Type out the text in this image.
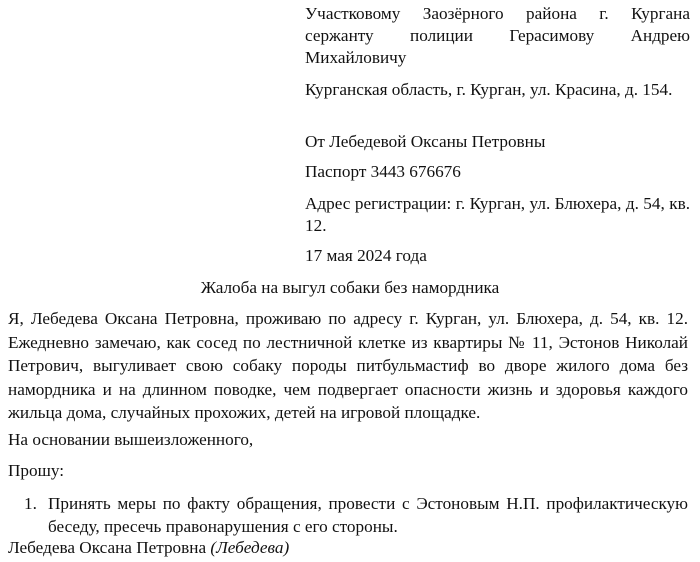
Участковому Заозёрного района г. Кургана сержанту полиции Герасимову Андрею Михайловичу
Курганская область, г. Курган, ул. Красина, д. 154.
От Лебедевой Оксаны Петровны
Паспорт 3443 676676
Адрес регистрации: г. Курган, ул. Блюхера, д. 54, кв. 12.
17 мая 2024 года
Жалоба на выгул собаки без намордника
Я, Лебедева Оксана Петровна, проживаю по адресу г. Курган, ул. Блюхера, д. 54, кв. 12. Ежедневно замечаю, как сосед по лестничной клетке из квартиры № 11, Эстонов Николай Петрович, выгуливает свою собаку породы питбульмастиф во дворе жилого дома без намордника и на длинном поводке, чем подвергает опасности жизнь и здоровья каждого жильца дома, случайных прохожих, детей на игровой площадке.
На основании вышеизложенного,
Прошу:
1. Принять меры по факту обращения, провести с Эстоновым Н.П. профилактическую беседу, пресечь правонарушения с его стороны.
Лебедева Оксана Петровна (Лебедева)
